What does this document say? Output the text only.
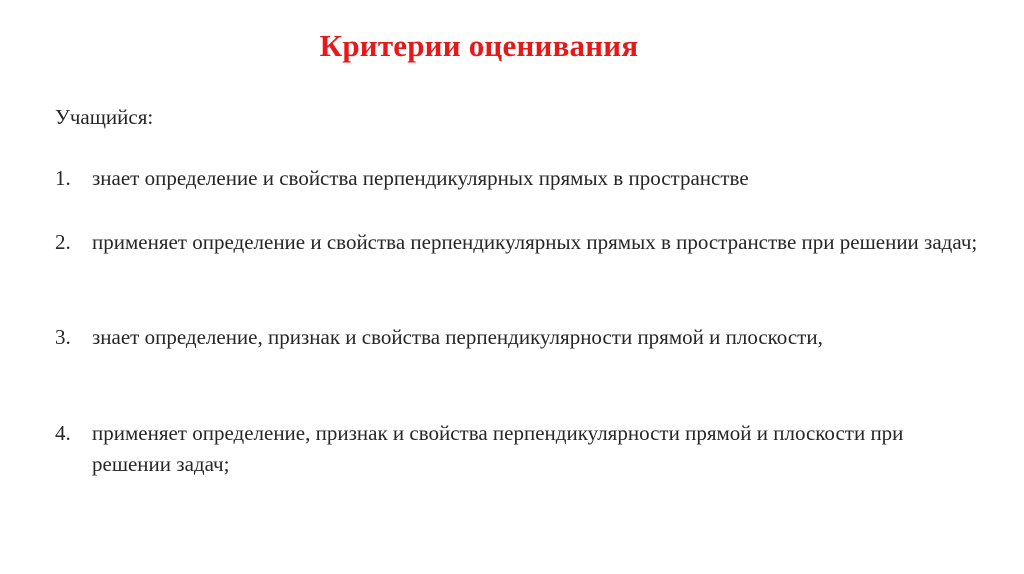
Критерии оценивания
Учащийся:
1.	знает определение и свойства перпендикулярных прямых в пространстве
2.	применяет определение и свойства перпендикулярных прямых в пространстве при решении задач;
3.	знает определение, признак и свойства перпендикулярности прямой и плоскости,
4.	применяет определение, признак и свойства перпендикулярности прямой и плоскости при решении задач;
